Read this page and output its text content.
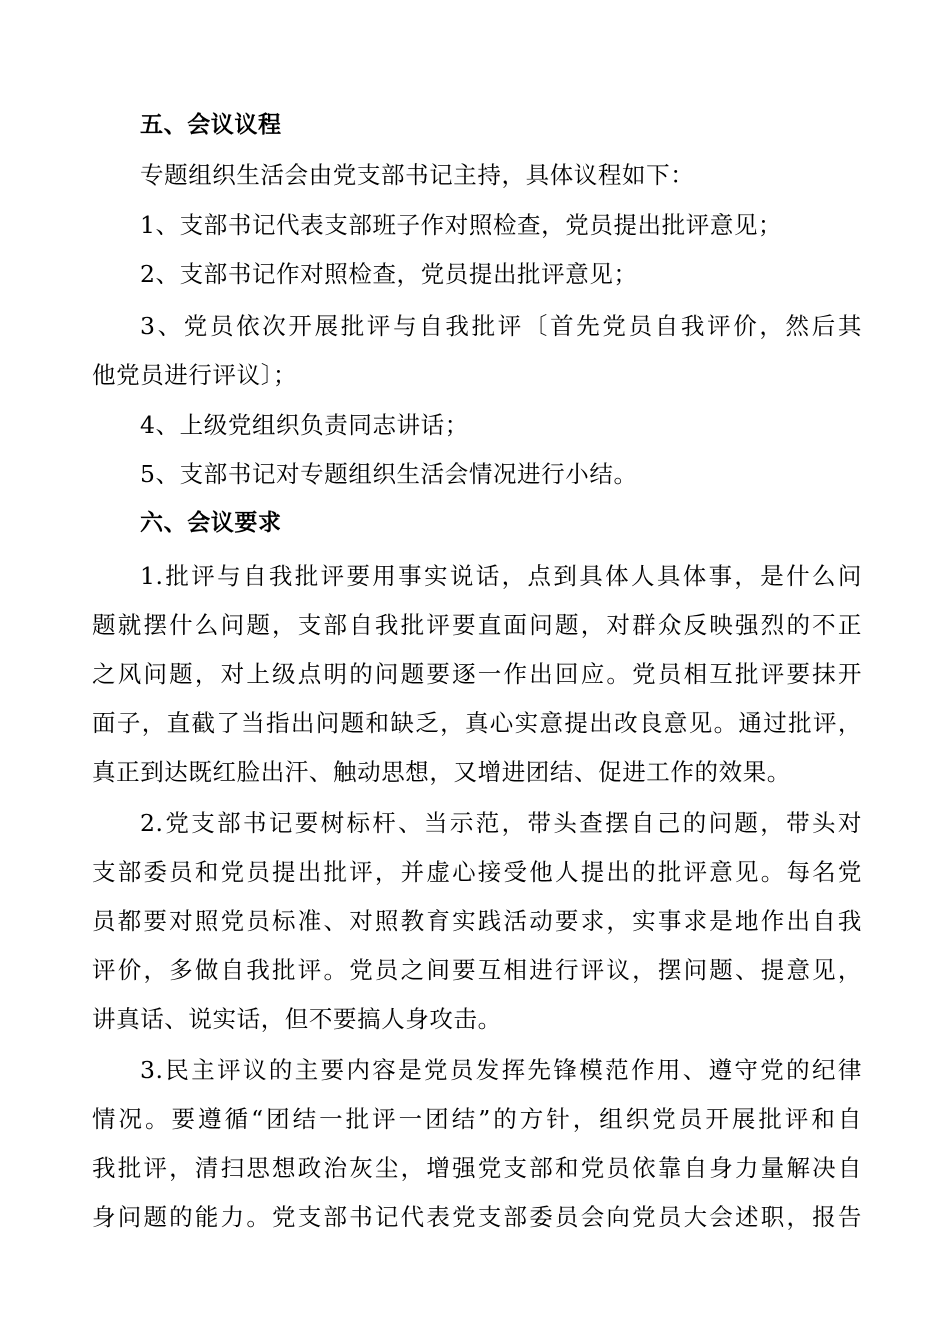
五、会议议程
专题组织生活会由党支部书记主持，具体议程如下：
1、支部书记代表支部班子作对照检查，党员提出批评意见；
2、支部书记作对照检查，党员提出批评意见；
3、党员依次开展批评与自我批评〔首先党员自我评价，然后其
他党员进行评议〕；
4、上级党组织负责同志讲话；
5、支部书记对专题组织生活会情况进行小结。
六、会议要求
1.批评与自我批评要用事实说话，点到具体人具体事，是什么问
题就摆什么问题，支部自我批评要直面问题，对群众反映强烈的不正
之风问题，对上级点明的问题要逐一作出回应。党员相互批评要抹开
面子，直截了当指出问题和缺乏，真心实意提出改良意见。通过批评，
真正到达既红脸出汗、触动思想，又增进团结、促进工作的效果。
2.党支部书记要树标杆、当示范，带头查摆自己的问题，带头对
支部委员和党员提出批评，并虚心接受他人提出的批评意见。每名党
员都要对照党员标准、对照教育实践活动要求，实事求是地作出自我
评价，多做自我批评。党员之间要互相进行评议，摆问题、提意见，
讲真话、说实话，但不要搞人身攻击。
3.民主评议的主要内容是党员发挥先锋模范作用、遵守党的纪律
情况。要遵循“团结一批评一团结”的方针，组织党员开展批评和自
我批评，清扫思想政治灰尘，增强党支部和党员依靠自身力量解决自
身问题的能力。党支部书记代表党支部委员会向党员大会述职，报告
